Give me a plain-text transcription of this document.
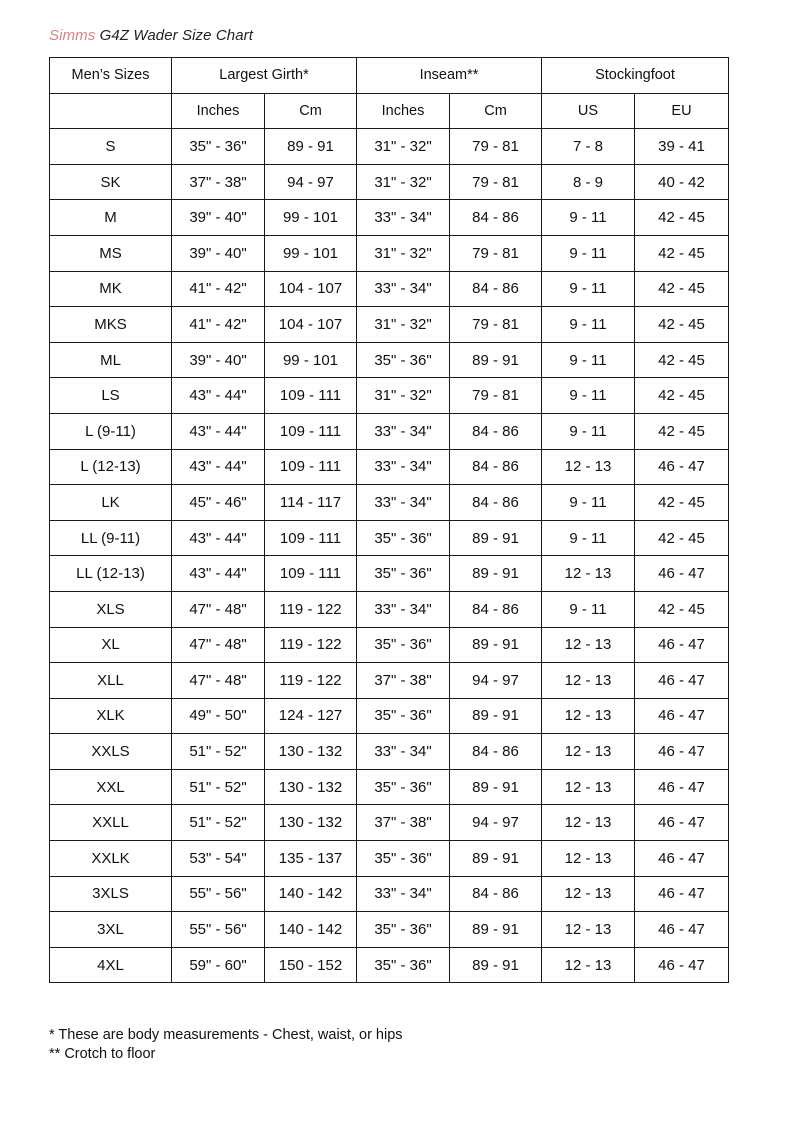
Simms G4Z Wader Size Chart
Men’s Sizes	Largest Girth*		Inseam**		Stockingfoot	
	Inches	Cm	Inches	Cm	US	EU
S	35" - 36"	89 - 91	31" - 32"	79 - 81	7 - 8	39 - 41
SK	37" - 38"	94 - 97	31" - 32"	79 - 81	8 - 9	40 - 42
M	39" - 40"	99 - 101	33" - 34"	84 - 86	9 - 11	42 - 45
MS	39" - 40"	99 - 101	31" - 32"	79 - 81	9 - 11	42 - 45
MK	41" - 42"	104 - 107	33" - 34"	84 - 86	9 - 11	42 - 45
MKS	41" - 42"	104 - 107	31" - 32"	79 - 81	9 - 11	42 - 45
ML	39" - 40"	99 - 101	35" - 36"	89 - 91	9 - 11	42 - 45
LS	43" - 44"	109 - 111	31" - 32"	79 - 81	9 - 11	42 - 45
L (9-11)	43" - 44"	109 - 111	33" - 34"	84 - 86	9 - 11	42 - 45
L (12-13)	43" - 44"	109 - 111	33" - 34"	84 - 86	12 - 13	46 - 47
LK	45" - 46"	114 - 117	33" - 34"	84 - 86	9 - 11	42 - 45
LL (9-11)	43" - 44"	109 - 111	35" - 36"	89 - 91	9 - 11	42 - 45
LL (12-13)	43" - 44"	109 - 111	35" - 36"	89 - 91	12 - 13	46 - 47
XLS	47" - 48"	119 - 122	33" - 34"	84 - 86	9 - 11	42 - 45
XL	47" - 48"	119 - 122	35" - 36"	89 - 91	12 - 13	46 - 47
XLL	47" - 48"	119 - 122	37" - 38"	94 - 97	12 - 13	46 - 47
XLK	49" - 50"	124 - 127	35" - 36"	89 - 91	12 - 13	46 - 47
XXLS	51" - 52"	130 - 132	33" - 34"	84 - 86	12 - 13	46 - 47
XXL	51" - 52"	130 - 132	35" - 36"	89 - 91	12 - 13	46 - 47
XXLL	51" - 52"	130 - 132	37" - 38"	94 - 97	12 - 13	46 - 47
XXLK	53" - 54"	135 - 137	35" - 36"	89 - 91	12 - 13	46 - 47
3XLS	55" - 56"	140 - 142	33" - 34"	84 - 86	12 - 13	46 - 47
3XL	55" - 56"	140 - 142	35" - 36"	89 - 91	12 - 13	46 - 47
4XL	59" - 60"	150 - 152	35" - 36"	89 - 91	12 - 13	46 - 47
* These are body measurements - Chest, waist, or hips
** Crotch to floor
